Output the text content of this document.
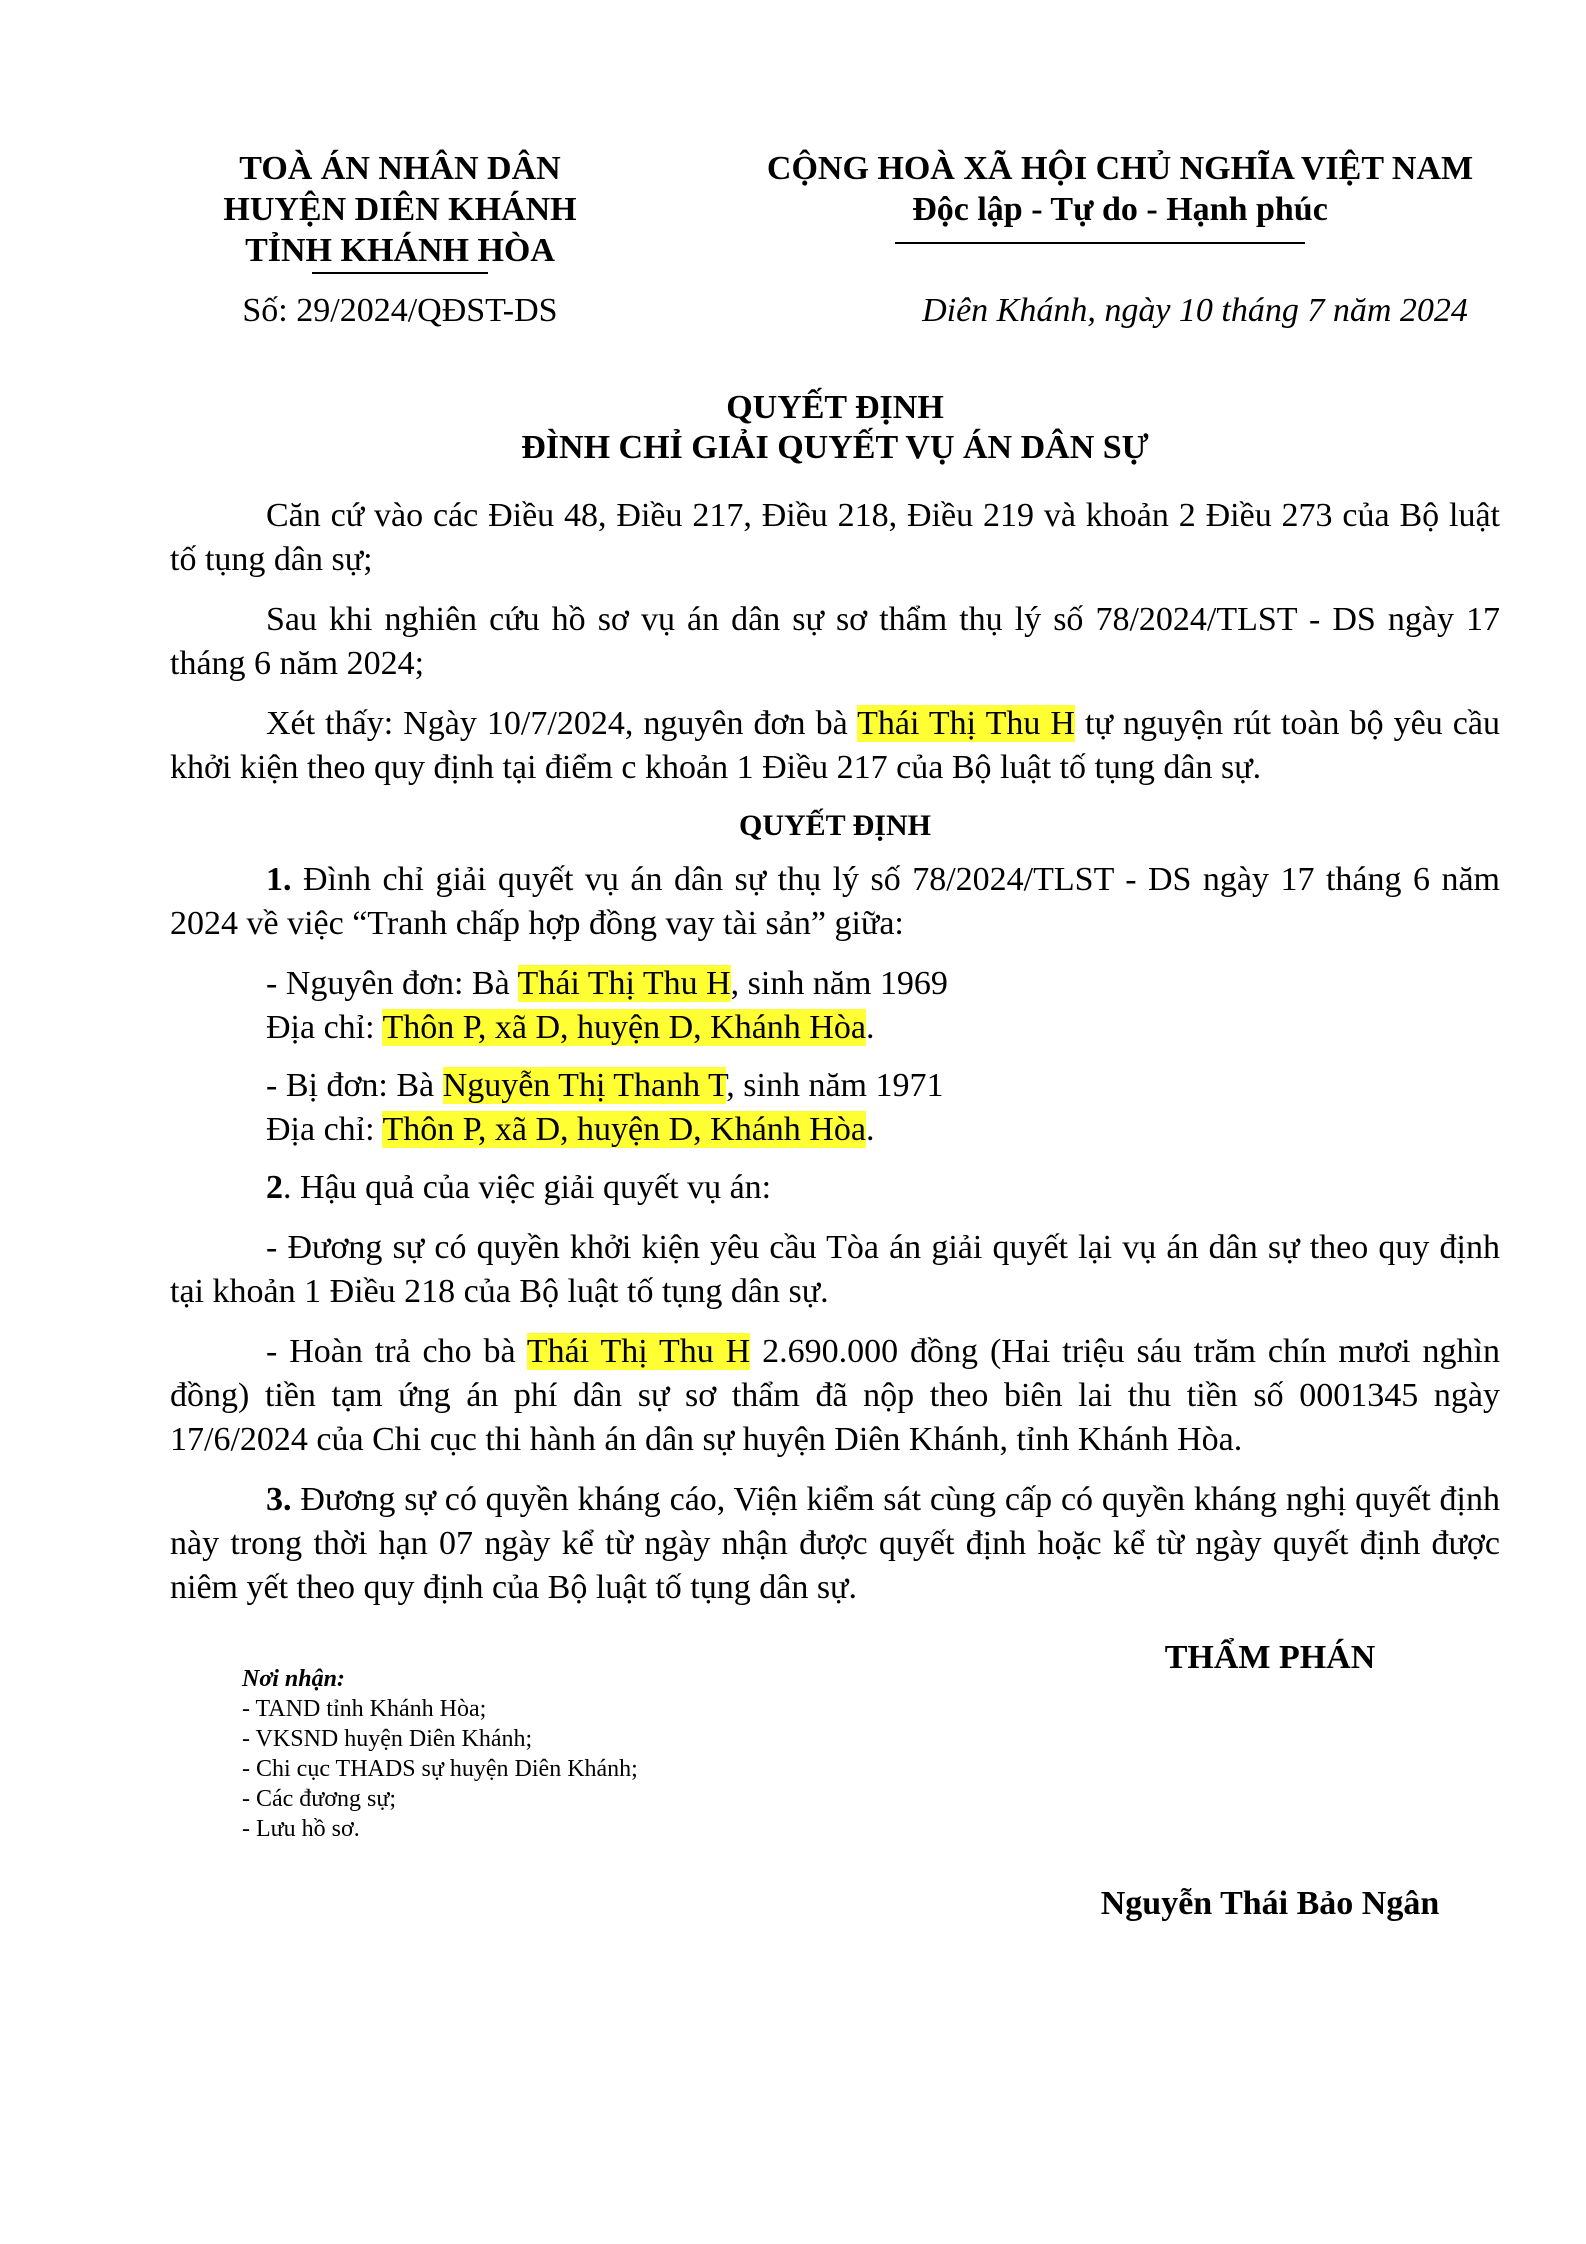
TOÀ ÁN NHÂN DÂN
HUYỆN DIÊN KHÁNH
TỈNH KHÁNH HÒA
Số: 29/2024/QĐST-DS
CỘNG HOÀ XÃ HỘI CHỦ NGHĨA VIỆT NAM
Độc lập - Tự do - Hạnh phúc
Diên Khánh, ngày 10 tháng 7 năm 2024
QUYẾT ĐỊNH
ĐÌNH CHỈ GIẢI QUYẾT VỤ ÁN DÂN SỰ

Căn cứ vào các Điều 48, Điều 217, Điều 218, Điều 219 và khoản 2 Điều 273 của Bộ luật tố tụng dân sự;

Sau khi nghiên cứu hồ sơ vụ án dân sự sơ thẩm thụ lý số 78/2024/TLST - DS ngày 17 tháng 6 năm 2024;

Xét thấy: Ngày 10/7/2024, nguyên đơn bà Thái Thị Thu H tự nguyện rút toàn bộ yêu cầu khởi kiện theo quy định tại điểm c khoản 1 Điều 217 của Bộ luật tố tụng dân sự.

QUYẾT ĐỊNH

1. Đình chỉ giải quyết vụ án dân sự thụ lý số 78/2024/TLST - DS ngày 17 tháng 6 năm 2024 về việc “Tranh chấp hợp đồng vay tài sản” giữa:

- Nguyên đơn: Bà Thái Thị Thu H, sinh năm 1969
Địa chỉ: Thôn P, xã D, huyện D, Khánh Hòa.

- Bị đơn: Bà Nguyễn Thị Thanh T, sinh năm 1971
Địa chỉ: Thôn P, xã D, huyện D, Khánh Hòa.

2. Hậu quả của việc giải quyết vụ án:

- Đương sự có quyền khởi kiện yêu cầu Tòa án giải quyết lại vụ án dân sự theo quy định tại khoản 1 Điều 218 của Bộ luật tố tụng dân sự.

- Hoàn trả cho bà Thái Thị Thu H 2.690.000 đồng (Hai triệu sáu trăm chín mươi nghìn đồng) tiền tạm ứng án phí dân sự sơ thẩm đã nộp theo biên lai thu tiền số 0001345 ngày 17/6/2024 của Chi cục thi hành án dân sự huyện Diên Khánh, tỉnh Khánh Hòa.

3. Đương sự có quyền kháng cáo, Viện kiểm sát cùng cấp có quyền kháng nghị quyết định này trong thời hạn 07 ngày kể từ ngày nhận được quyết định hoặc kể từ ngày quyết định được niêm yết theo quy định của Bộ luật tố tụng dân sự.

Nơi nhận:
- TAND tỉnh Khánh Hòa;
- VKSND huyện Diên Khánh;
- Chi cục THADS sự huyện Diên Khánh;
- Các đương sự;
- Lưu hồ sơ.
THẨM PHÁN
Nguyễn Thái Bảo Ngân
